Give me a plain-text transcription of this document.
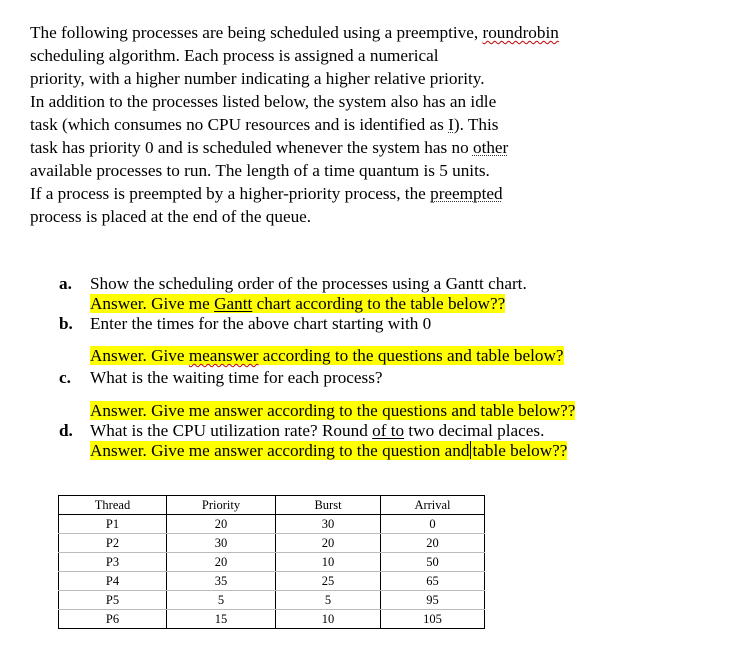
The following processes are being scheduled using a preemptive, roundrobin
scheduling algorithm. Each process is assigned a numerical
priority, with a higher number indicating a higher relative priority.
In addition to the processes listed below, the system also has an idle
task (which consumes no CPU resources and is identified as I). This
task has priority 0 and is scheduled whenever the system has no other
available processes to run. The length of a time quantum is 5 units.
If a process is preempted by a higher-priority process, the preempted
process is placed at the end of the queue.
a. Show the scheduling order of the processes using a Gantt chart.
Answer. Give me Gantt chart according to the table below??
b. Enter the times for the above chart starting with 0
Answer. Give meanswer according to the questions and table below?
c. What is the waiting time for each process?
Answer. Give me answer according to the questions and table below??
d. What is the CPU utilization rate? Round of to two decimal places.
Answer. Give me answer according to the question and table below??
Thread	Priority	Burst	Arrival
P1	20	30	0
P2	30	20	20
P3	20	10	50
P4	35	25	65
P5	5	5	95
P6	15	10	105
